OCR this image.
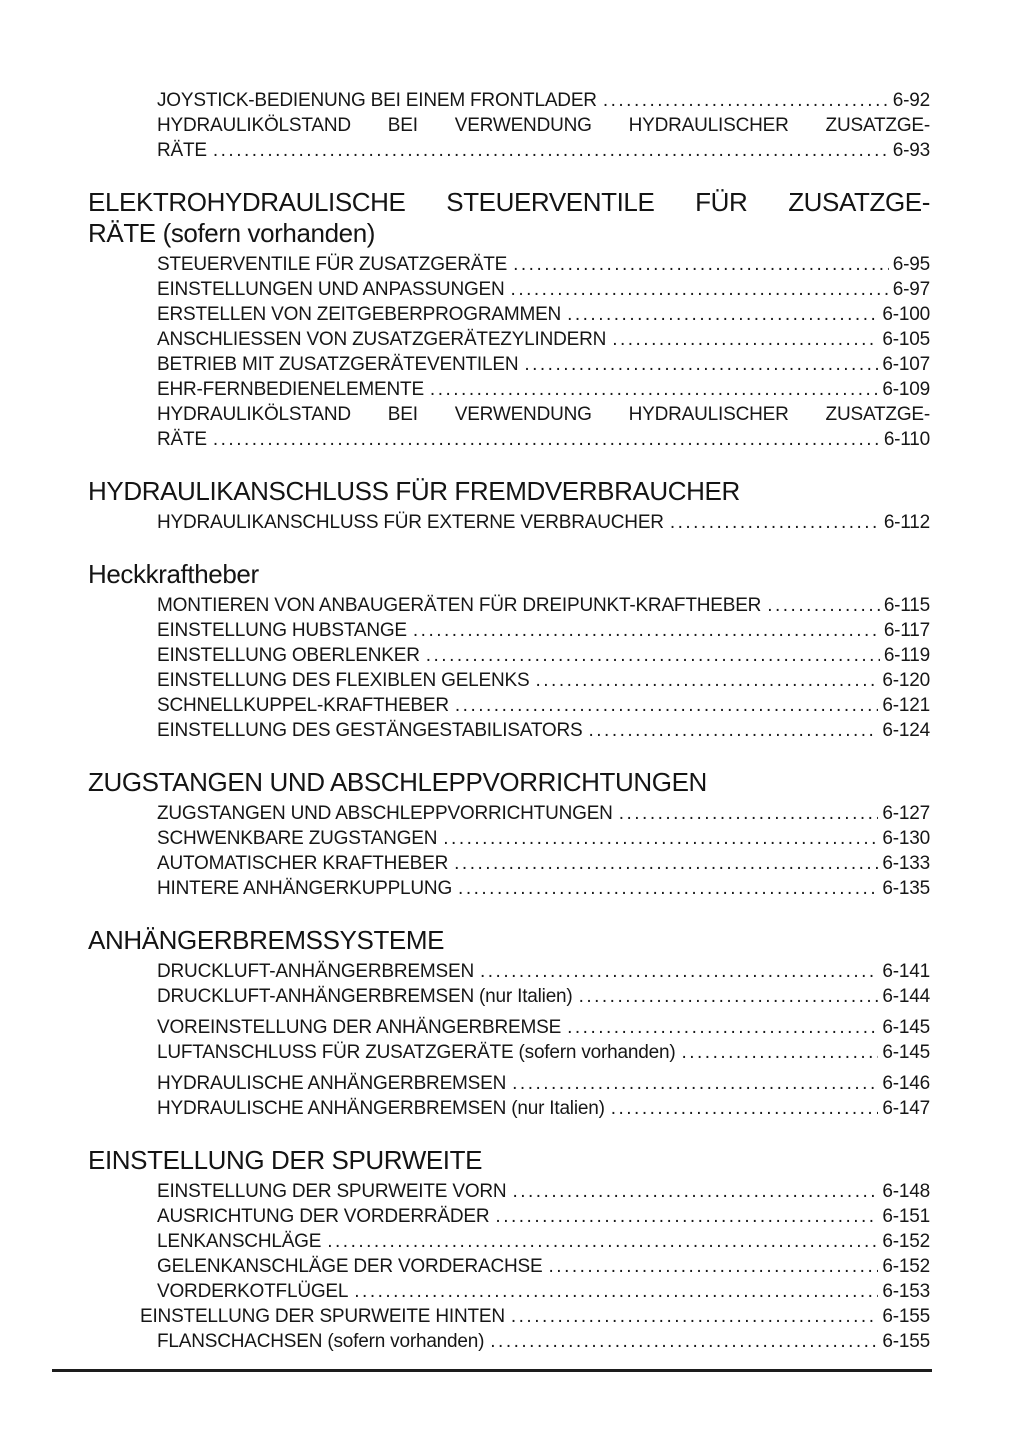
JOYSTICK-BEDIENUNG BEI EINEM FRONTLADER .....	6-92
HYDRAULIKÖLSTAND BEI VERWENDUNG HYDRAULISCHER ZUSATZGE-
RÄTE .....	6-93
ELEKTROHYDRAULISCHE STEUERVENTILE FÜR ZUSATZGE-
RÄTE (sofern vorhanden)
STEUERVENTILE FÜR ZUSATZGERÄTE .....	6-95
EINSTELLUNGEN UND ANPASSUNGEN .....	6-97
ERSTELLEN VON ZEITGEBERPROGRAMMEN .....	6-100
ANSCHLIESSEN VON ZUSATZGERÄTEZYLINDERN .....	6-105
BETRIEB MIT ZUSATZGERÄTEVENTILEN .....	6-107
EHR-FERNBEDIENELEMENTE .....	6-109
HYDRAULIKÖLSTAND BEI VERWENDUNG HYDRAULISCHER ZUSATZGE-
RÄTE .....	6-110
HYDRAULIKANSCHLUSS FÜR FREMDVERBRAUCHER
HYDRAULIKANSCHLUSS FÜR EXTERNE VERBRAUCHER .....	6-112
Heckkraftheber
MONTIEREN VON ANBAUGERÄTEN FÜR DREIPUNKT-KRAFTHEBER .....	6-115
EINSTELLUNG HUBSTANGE .....	6-117
EINSTELLUNG OBERLENKER .....	6-119
EINSTELLUNG DES FLEXIBLEN GELENKS .....	6-120
SCHNELLKUPPEL-KRAFTHEBER .....	6-121
EINSTELLUNG DES GESTÄNGESTABILISATORS .....	6-124
ZUGSTANGEN UND ABSCHLEPPVORRICHTUNGEN
ZUGSTANGEN UND ABSCHLEPPVORRICHTUNGEN .....	6-127
SCHWENKBARE ZUGSTANGEN .....	6-130
AUTOMATISCHER KRAFTHEBER .....	6-133
HINTERE ANHÄNGERKUPPLUNG .....	6-135
ANHÄNGERBREMSSYSTEME
DRUCKLUFT-ANHÄNGERBREMSEN .....	6-141
DRUCKLUFT-ANHÄNGERBREMSEN (nur Italien) .....	6-144
VOREINSTELLUNG DER ANHÄNGERBREMSE .....	6-145
LUFTANSCHLUSS FÜR ZUSATZGERÄTE (sofern vorhanden) .....	6-145
HYDRAULISCHE ANHÄNGERBREMSEN .....	6-146
HYDRAULISCHE ANHÄNGERBREMSEN (nur Italien) .....	6-147
EINSTELLUNG DER SPURWEITE
EINSTELLUNG DER SPURWEITE VORN .....	6-148
AUSRICHTUNG DER VORDERRÄDER .....	6-151
LENKANSCHLÄGE .....	6-152
GELENKANSCHLÄGE DER VORDERACHSE .....	6-152
VORDERKOTFLÜGEL .....	6-153
EINSTELLUNG DER SPURWEITE HINTEN .....	6-155
FLANSCHACHSEN (sofern vorhanden) .....	6-155
